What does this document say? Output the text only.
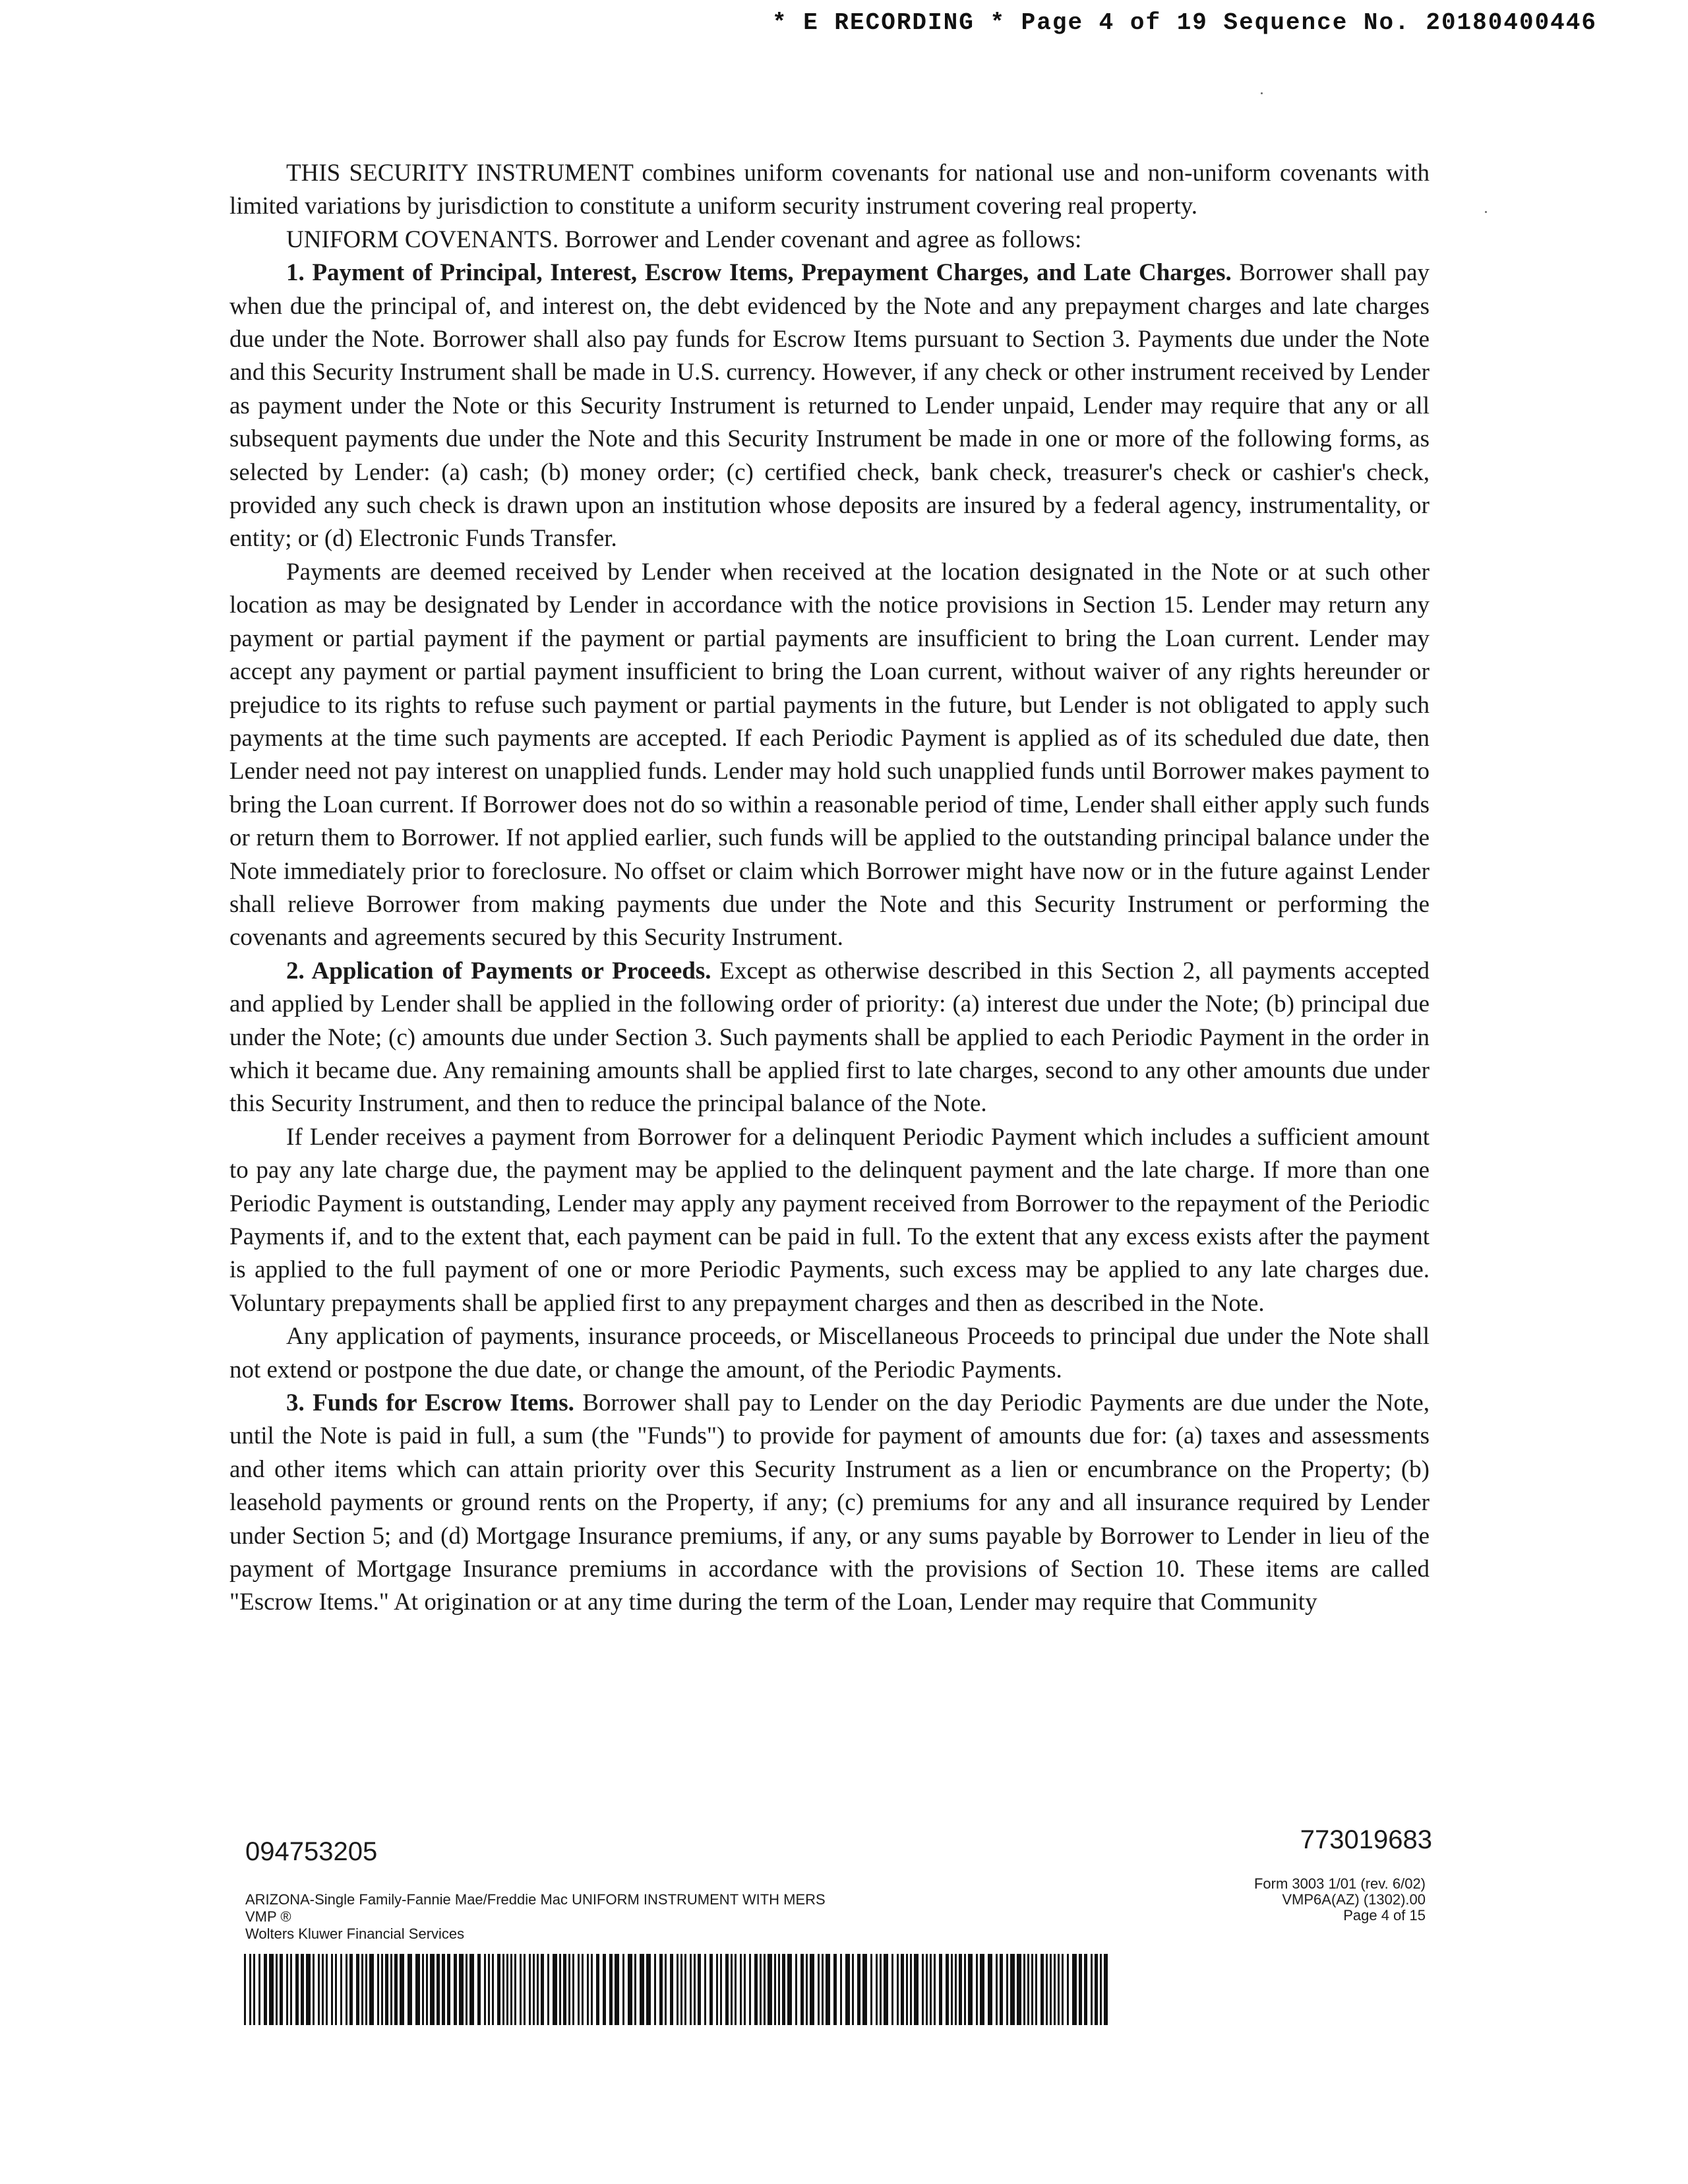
* E RECORDING * Page 4 of 19 Sequence No. 20180400446

THIS SECURITY INSTRUMENT combines uniform covenants for national use and non-uniform covenants with limited variations by jurisdiction to constitute a uniform security instrument covering real property.

UNIFORM COVENANTS. Borrower and Lender covenant and agree as follows:

1. Payment of Principal, Interest, Escrow Items, Prepayment Charges, and Late Charges. Borrower shall pay when due the principal of, and interest on, the debt evidenced by the Note and any prepayment charges and late charges due under the Note. Borrower shall also pay funds for Escrow Items pursuant to Section 3. Payments due under the Note and this Security Instrument shall be made in U.S. currency. However, if any check or other instrument received by Lender as payment under the Note or this Security Instrument is returned to Lender unpaid, Lender may require that any or all subsequent payments due under the Note and this Security Instrument be made in one or more of the following forms, as selected by Lender: (a) cash; (b) money order; (c) certified check, bank check, treasurer's check or cashier's check, provided any such check is drawn upon an institution whose deposits are insured by a federal agency, instrumentality, or entity; or (d) Electronic Funds Transfer.

Payments are deemed received by Lender when received at the location designated in the Note or at such other location as may be designated by Lender in accordance with the notice provisions in Section 15. Lender may return any payment or partial payment if the payment or partial payments are insufficient to bring the Loan current. Lender may accept any payment or partial payment insufficient to bring the Loan current, without waiver of any rights hereunder or prejudice to its rights to refuse such payment or partial payments in the future, but Lender is not obligated to apply such payments at the time such payments are accepted. If each Periodic Payment is applied as of its scheduled due date, then Lender need not pay interest on unapplied funds. Lender may hold such unapplied funds until Borrower makes payment to bring the Loan current. If Borrower does not do so within a reasonable period of time, Lender shall either apply such funds or return them to Borrower. If not applied earlier, such funds will be applied to the outstanding principal balance under the Note immediately prior to foreclosure. No offset or claim which Borrower might have now or in the future against Lender shall relieve Borrower from making payments due under the Note and this Security Instrument or performing the covenants and agreements secured by this Security Instrument.

2. Application of Payments or Proceeds. Except as otherwise described in this Section 2, all payments accepted and applied by Lender shall be applied in the following order of priority: (a) interest due under the Note; (b) principal due under the Note; (c) amounts due under Section 3. Such payments shall be applied to each Periodic Payment in the order in which it became due. Any remaining amounts shall be applied first to late charges, second to any other amounts due under this Security Instrument, and then to reduce the principal balance of the Note.

If Lender receives a payment from Borrower for a delinquent Periodic Payment which includes a sufficient amount to pay any late charge due, the payment may be applied to the delinquent payment and the late charge. If more than one Periodic Payment is outstanding, Lender may apply any payment received from Borrower to the repayment of the Periodic Payments if, and to the extent that, each payment can be paid in full. To the extent that any excess exists after the payment is applied to the full payment of one or more Periodic Payments, such excess may be applied to any late charges due. Voluntary prepayments shall be applied first to any prepayment charges and then as described in the Note.

Any application of payments, insurance proceeds, or Miscellaneous Proceeds to principal due under the Note shall not extend or postpone the due date, or change the amount, of the Periodic Payments.

3. Funds for Escrow Items. Borrower shall pay to Lender on the day Periodic Payments are due under the Note, until the Note is paid in full, a sum (the "Funds") to provide for payment of amounts due for: (a) taxes and assessments and other items which can attain priority over this Security Instrument as a lien or encumbrance on the Property; (b) leasehold payments or ground rents on the Property, if any; (c) premiums for any and all insurance required by Lender under Section 5; and (d) Mortgage Insurance premiums, if any, or any sums payable by Borrower to Lender in lieu of the payment of Mortgage Insurance premiums in accordance with the provisions of Section 10. These items are called "Escrow Items." At origination or at any time during the term of the Loan, Lender may require that Community

094753205	773019683
ARIZONA-Single Family-Fannie Mae/Freddie Mac UNIFORM INSTRUMENT WITH MERS
VMP ®
Wolters Kluwer Financial Services
Form 3003 1/01 (rev. 6/02)
VMP6A(AZ) (1302).00
Page 4 of 15
